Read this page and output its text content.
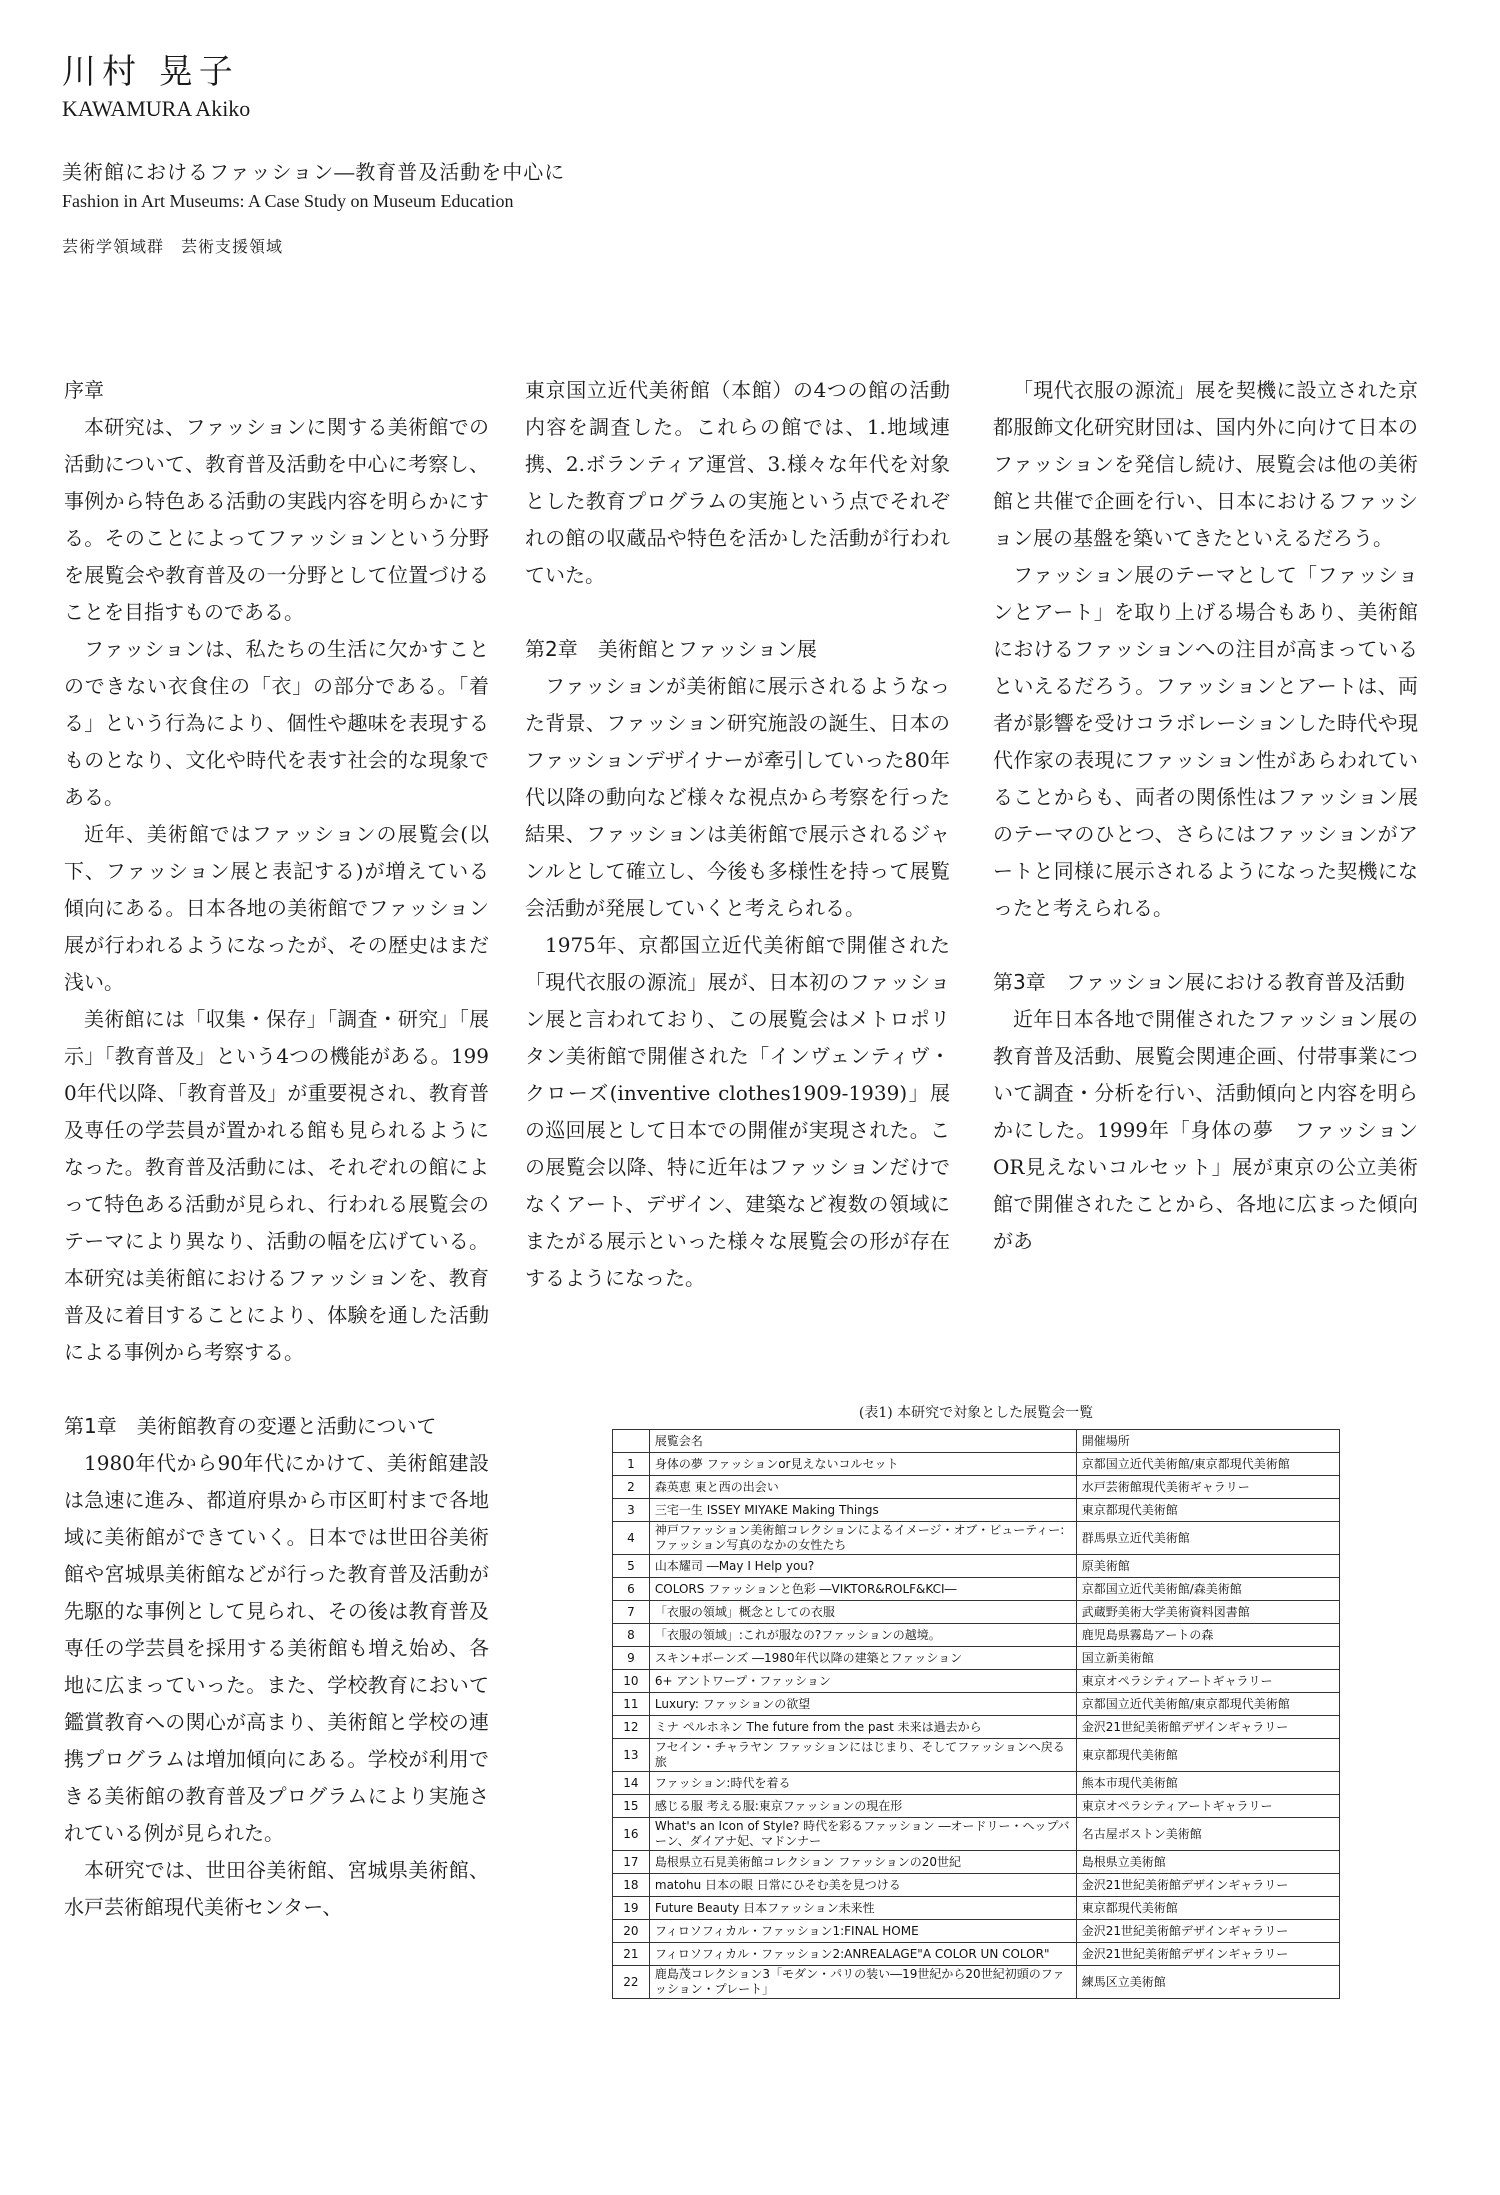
川村 晃子
KAWAMURA Akiko
美術館におけるファッション―教育普及活動を中心に
Fashion in Art Museums: A Case Study on Museum Education
芸術学領域群　芸術支援領域
序章
本研究は、ファッションに関する美術館での活動について、教育普及活動を中心に考察し、事例から特色ある活動の実践内容を明らかにする。そのことによってファッションという分野を展覧会や教育普及の一分野として位置づけることを目指すものである。
ファッションは、私たちの生活に欠かすことのできない衣食住の「衣」の部分である。「着る」という行為により、個性や趣味を表現するものとなり、文化や時代を表す社会的な現象である。
近年、美術館ではファッションの展覧会(以下、ファッション展と表記する)が増えている傾向にある。日本各地の美術館でファッション展が行われるようになったが、その歴史はまだ浅い。
美術館には「収集・保存」「調査・研究」「展示」「教育普及」という4つの機能がある。1990年代以降、「教育普及」が重要視され、教育普及専任の学芸員が置かれる館も見られるようになった。教育普及活動には、それぞれの館によって特色ある活動が見られ、行われる展覧会のテーマにより異なり、活動の幅を広げている。本研究は美術館におけるファッションを、教育普及に着目することにより、体験を通した活動による事例から考察する。
第1章　美術館教育の変遷と活動について
1980年代から90年代にかけて、美術館建設は急速に進み、都道府県から市区町村まで各地域に美術館ができていく。日本では世田谷美術館や宮城県美術館などが行った教育普及活動が先駆的な事例として見られ、その後は教育普及専任の学芸員を採用する美術館も増え始め、各地に広まっていった。また、学校教育において鑑賞教育への関心が高まり、美術館と学校の連携プログラムは増加傾向にある。学校が利用できる美術館の教育普及プログラムにより実施されている例が見られた。
本研究では、世田谷美術館、宮城県美術館、水戸芸術館現代美術センター、
東京国立近代美術館（本館）の4つの館の活動内容を調査した。これらの館では、1.地域連携、2.ボランティア運営、3.様々な年代を対象とした教育プログラムの実施という点でそれぞれの館の収蔵品や特色を活かした活動が行われていた。
第2章　美術館とファッション展
ファッションが美術館に展示されるようなった背景、ファッション研究施設の誕生、日本のファッションデザイナーが牽引していった80年代以降の動向など様々な視点から考察を行った結果、ファッションは美術館で展示されるジャンルとして確立し、今後も多様性を持って展覧会活動が発展していくと考えられる。
1975年、京都国立近代美術館で開催された「現代衣服の源流」展が、日本初のファッション展と言われており、この展覧会はメトロポリタン美術館で開催された「インヴェンティヴ・クローズ(inventive clothes1909-1939)」展の巡回展として日本での開催が実現された。この展覧会以降、特に近年はファッションだけでなくアート、デザイン、建築など複数の領域にまたがる展示といった様々な展覧会の形が存在するようになった。
「現代衣服の源流」展を契機に設立された京都服飾文化研究財団は、国内外に向けて日本のファッションを発信し続け、展覧会は他の美術館と共催で企画を行い、日本におけるファッション展の基盤を築いてきたといえるだろう。
ファッション展のテーマとして「ファッションとアート」を取り上げる場合もあり、美術館におけるファッションへの注目が高まっているといえるだろう。ファッションとアートは、両者が影響を受けコラボレーションした時代や現代作家の表現にファッション性があらわれていることからも、両者の関係性はファッション展のテーマのひとつ、さらにはファッションがアートと同様に展示されるようになった契機になったと考えられる。
第3章　ファッション展における教育普及活動
近年日本各地で開催されたファッション展の教育普及活動、展覧会関連企画、付帯事業について調査・分析を行い、活動傾向と内容を明らかにした。1999年「身体の夢　ファッションOR見えないコルセット」展が東京の公立美術館で開催されたことから、各地に広まった傾向があ
(表1) 本研究で対象とした展覧会一覧
	展覧会名	開催場所
1	身体の夢 ファッションor見えないコルセット	京都国立近代美術館/東京都現代美術館
2	森英恵 東と西の出会い	水戸芸術館現代美術ギャラリー
3	三宅一生 ISSEY MIYAKE Making Things	東京都現代美術館
4	神戸ファッション美術館コレクションによるイメージ・オブ・ビューティー: ファッション写真のなかの女性たち	群馬県立近代美術館
5	山本耀司 ―May I Help you?	原美術館
6	COLORS ファッションと色彩 ―VIKTOR&ROLF&KCI―	京都国立近代美術館/森美術館
7	「衣服の領域」概念としての衣服	武蔵野美術大学美術資料図書館
8	「衣服の領域」:これが服なの?ファッションの越境。	鹿児島県霧島アートの森
9	スキン+ボーンズ ―1980年代以降の建築とファッション	国立新美術館
10	6+ アントワープ・ファッション	東京オペラシティアートギャラリー
11	Luxury: ファッションの欲望	京都国立近代美術館/東京都現代美術館
12	ミナ ペルホネン The future from the past 未来は過去から	金沢21世紀美術館デザインギャラリー
13	フセイン・チャラヤン ファッションにはじまり、そしてファッションへ戻る旅	東京都現代美術館
14	ファッション:時代を着る	熊本市現代美術館
15	感じる服 考える服:東京ファッションの現在形	東京オペラシティアートギャラリー
16	What's an Icon of Style? 時代を彩るファッション ―オードリー・ヘップバーン、ダイアナ妃、マドンナー	名古屋ボストン美術館
17	島根県立石見美術館コレクション ファッションの20世紀	島根県立美術館
18	matohu 日本の眼 日常にひそむ美を見つける	金沢21世紀美術館デザインギャラリー
19	Future Beauty 日本ファッション未来性	東京都現代美術館
20	フィロソフィカル・ファッション1:FINAL HOME	金沢21世紀美術館デザインギャラリー
21	フィロソフィカル・ファッション2:ANREALAGE"A COLOR UN COLOR"	金沢21世紀美術館デザインギャラリー
22	鹿島茂コレクション3「モダン・パリの装い―19世紀から20世紀初頭のファッション・プレート」	練馬区立美術館
